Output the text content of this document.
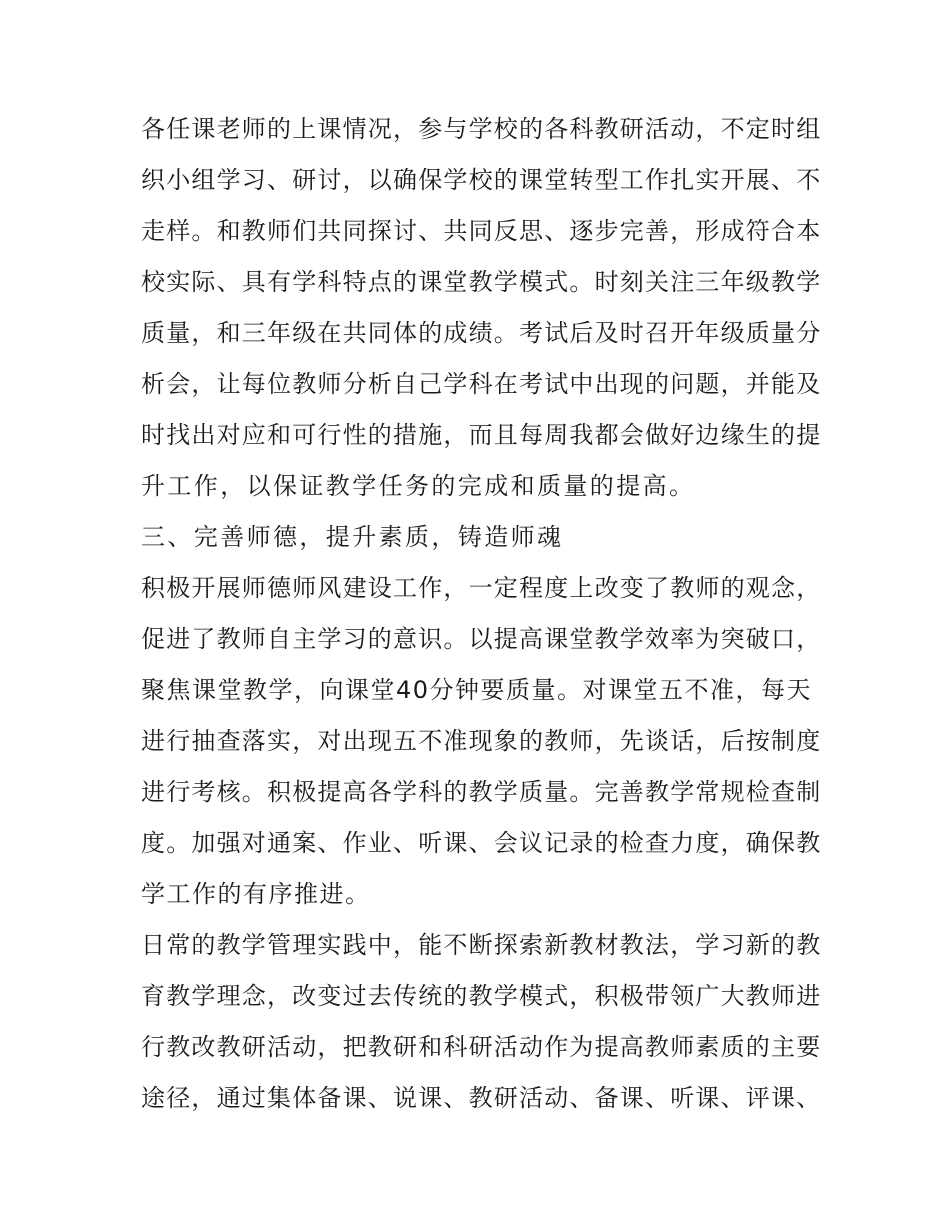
各任课老师的上课情况，参与学校的各科教研活动，不定时组
织小组学习、研讨，以确保学校的课堂转型工作扎实开展、不
走样。和教师们共同探讨、共同反思、逐步完善，形成符合本
校实际、具有学科特点的课堂教学模式。时刻关注三年级教学
质量，和三年级在共同体的成绩。考试后及时召开年级质量分
析会，让每位教师分析自己学科在考试中出现的问题，并能及
时找出对应和可行性的措施，而且每周我都会做好边缘生的提
升工作，以保证教学任务的完成和质量的提高。
三、完善师德，提升素质，铸造师魂
积极开展师德师风建设工作，一定程度上改变了教师的观念，
促进了教师自主学习的意识。以提高课堂教学效率为突破口，
聚焦课堂教学，向课堂40分钟要质量。对课堂五不准，每天
进行抽查落实，对出现五不准现象的教师，先谈话，后按制度
进行考核。积极提高各学科的教学质量。完善教学常规检查制
度。加强对通案、作业、听课、会议记录的检查力度，确保教
学工作的有序推进。
日常的教学管理实践中，能不断探索新教材教法，学习新的教
育教学理念，改变过去传统的教学模式，积极带领广大教师进
行教改教研活动，把教研和科研活动作为提高教师素质的主要
途径，通过集体备课、说课、教研活动、备课、听课、评课、
